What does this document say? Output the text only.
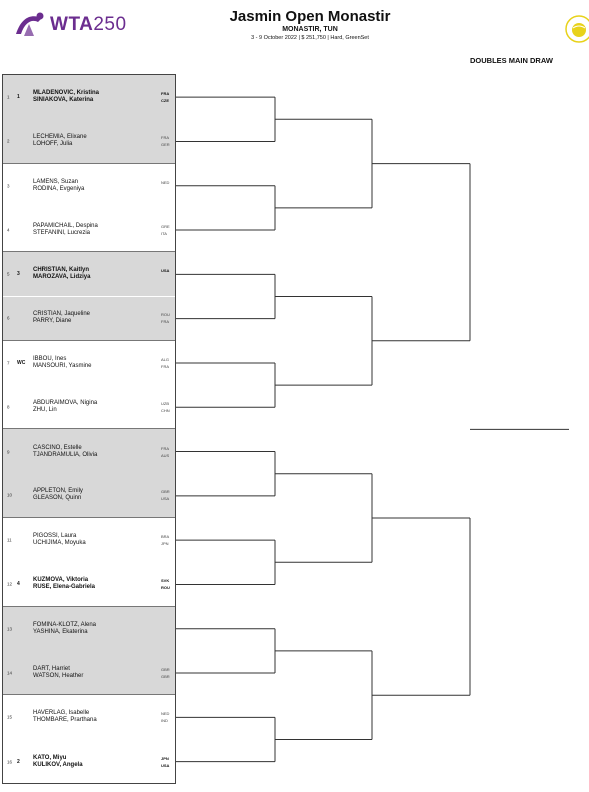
WTA250	Jasmin Open Monastir
MONASTIR, TUN
3 - 9 October 2022 | $ 251,750 | Hard, GreenSet
DOUBLES MAIN DRAW
1 1
MLADENOVIC, Kristina
SINIAKOVA, Katerina
FRA
CZE
2
LECHEMIA, Elixane
LOHOFF, Julia
FRA
GER
3
LAMENS, Suzan
RODINA, Evgeniya
NED

4
PAPAMICHAIL, Despina
STEFANINI, Lucrezia
GRE
ITA
5 3
CHRISTIAN, Kaitlyn
MAROZAVA, Lidziya
USA

6
CRISTIAN, Jaqueline
PARRY, Diane
ROU
FRA
7 WC
IBBOU, Ines
MANSOURI, Yasmine
ALG
FRA
8
ABDURAIMOVA, Nigina
ZHU, Lin
UZB
CHN
9
CASCINO, Estelle
TJANDRAMULIA, Olivia
FRA
AUS
10
APPLETON, Emily
GLEASON, Quinn
GBR
USA
11
PIGOSSI, Laura
UCHIJIMA, Moyuka
BRA
JPN
12 4
KUZMOVA, Viktoria
RUSE, Elena-Gabriela
SVK
ROU
13
FOMINA-KLOTZ, Alena
YASHINA, Ekaterina

14
DART, Harriet
WATSON, Heather
GBR
GBR
15
HAVERLAG, Isabelle
THOMBARE, Prarthana
NED
IND
16 2
KATO, Miyu
KULIKOV, Angela
JPN
USA
